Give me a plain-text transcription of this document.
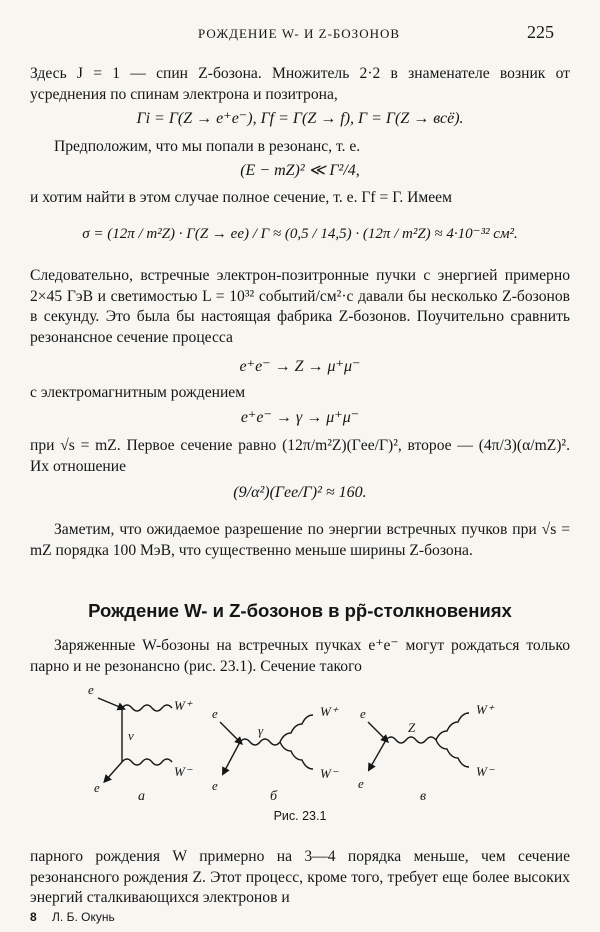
РОЖДЕНИЕ W- И Z-БОЗОНОВ	225
Здесь J = 1 — спин Z-бозона. Множитель 2·2 в знаменателе возник от усреднения по спинам электрона и позитрона,
Γi = Γ(Z → e⁺e⁻), Γf = Γ(Z → f), Γ = Γ(Z → всё).
Предположим, что мы попали в резонанс, т. е.
(E − mZ)² ≪ Γ²/4,
и хотим найти в этом случае полное сечение, т. е. Γf = Γ. Имеем
σ = (12π / m²Z) · Γ(Z → ee) / Γ ≈ (0,5 / 14,5) · (12π / m²Z) ≈ 4·10⁻³² см².
Следовательно, встречные электрон-позитронные пучки с энергией примерно 2×45 ГэВ и светимостью L = 10³² событий/см²·с давали бы несколько Z-бозонов в секунду. Это была бы настоящая фабрика Z-бозонов. Поучительно сравнить резонансное сечение процесса
e⁺e⁻ → Z → μ⁺μ⁻
с электромагнитным рождением
e⁺e⁻ → γ → μ⁺μ⁻
при √s = mZ. Первое сечение равно (12π/m²Z)(Γee/Γ)², второе — (4π/3)(α/mZ)². Их отношение
(9/α²)(Γee/Γ)² ≈ 160.
Заметим, что ожидаемое разрешение по энергии встречных пучков при √s = mZ порядка 100 МэВ, что существенно меньше ширины Z-бозона.
Рождение W- и Z-бозонов в pp̃-столкновениях
Заряженные W-бозоны на встречных пучках e⁺e⁻ могут рождаться только парно и не резонансно (рис. 23.1). Сечение такого
e
e
ν
W⁺
W⁻
а
e
e
γ
W⁺
W⁻
б
e
e
Z
W⁺
W⁻
в
Рис. 23.1
парного рождения W примерно на 3—4 порядка меньше, чем сечение резонансного рождения Z. Этот процесс, кроме того, требует еще более высоких энергий сталкивающихся электронов и
8 Л. Б. Окунь
